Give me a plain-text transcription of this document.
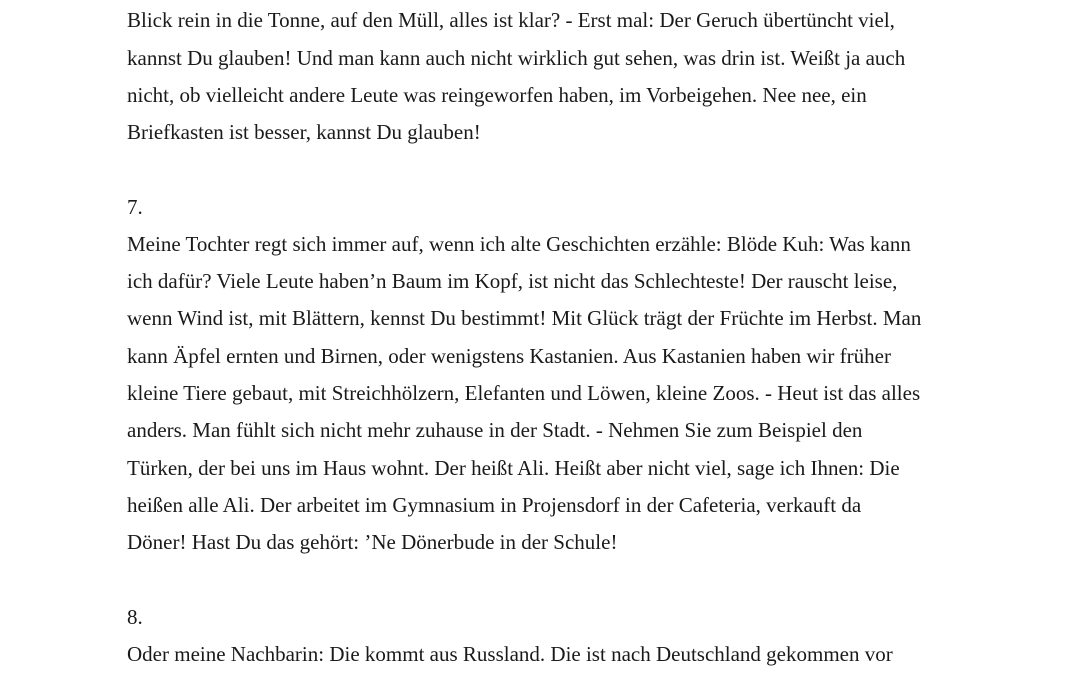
Blick rein in die Tonne, auf den Müll, alles ist klar? - Erst mal: Der Geruch übertüncht viel,
kannst Du glauben! Und man kann auch nicht wirklich gut sehen, was drin ist. Weißt ja auch
nicht, ob vielleicht andere Leute was reingeworfen haben, im Vorbeigehen. Nee nee, ein
Briefkasten ist besser, kannst Du glauben!
7.
Meine Tochter regt sich immer auf, wenn ich alte Geschichten erzähle: Blöde Kuh: Was kann
ich dafür? Viele Leute haben’n Baum im Kopf, ist nicht das Schlechteste! Der rauscht leise,
wenn Wind ist, mit Blättern, kennst Du bestimmt! Mit Glück trägt der Früchte im Herbst. Man
kann Äpfel ernten und Birnen, oder wenigstens Kastanien. Aus Kastanien haben wir früher
kleine Tiere gebaut, mit Streichhölzern, Elefanten und Löwen, kleine Zoos. - Heut ist das alles
anders. Man fühlt sich nicht mehr zuhause in der Stadt. - Nehmen Sie zum Beispiel den
Türken, der bei uns im Haus wohnt. Der heißt Ali. Heißt aber nicht viel, sage ich Ihnen: Die
heißen alle Ali. Der arbeitet im Gymnasium in Projensdorf in der Cafeteria, verkauft da
Döner! Hast Du das gehört: ’Ne Dönerbude in der Schule!
8.
Oder meine Nachbarin: Die kommt aus Russland. Die ist nach Deutschland gekommen vor
